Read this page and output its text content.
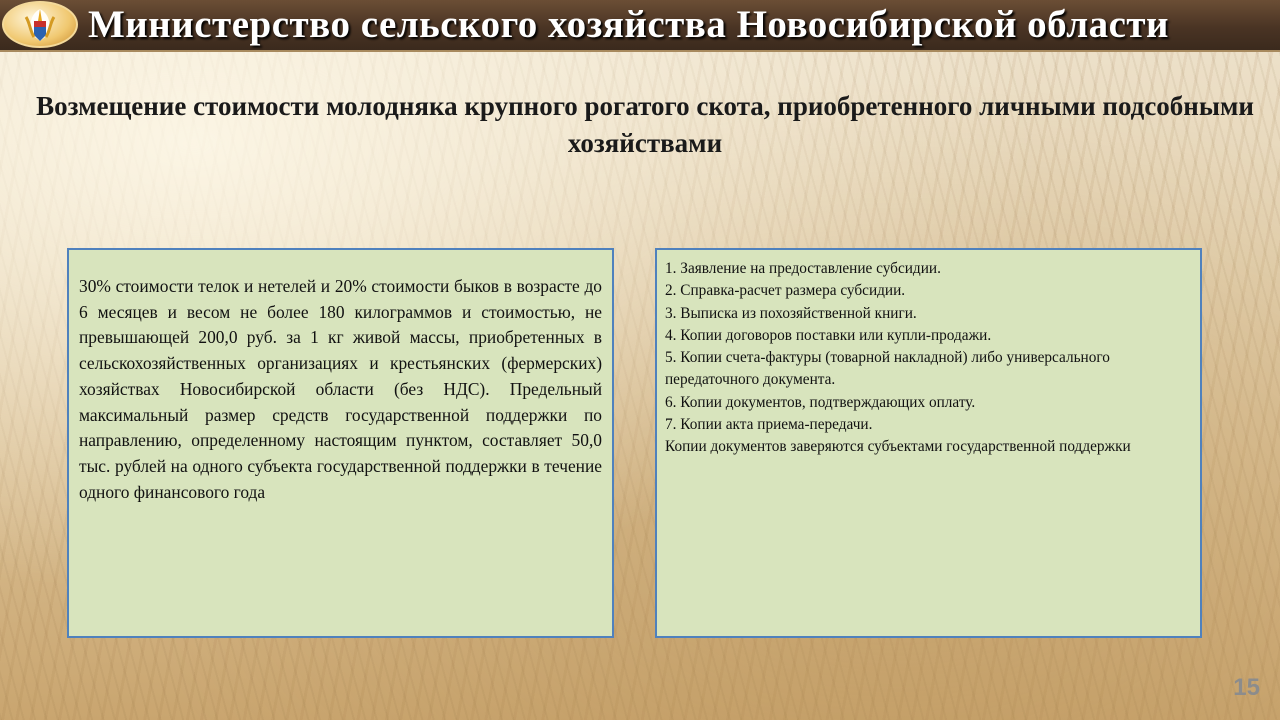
Министерство сельского хозяйства Новосибирской области
Возмещение стоимости молодняка крупного рогатого скота, приобретенного личными подсобными хозяйствами

30% стоимости телок и нетелей и 20% стоимости быков в возрасте до 6 месяцев и весом не более 180 килограммов и стоимостью, не превышающей 200,0 руб. за 1 кг живой массы, приобретенных в сельскохозяйственных организациях и крестьянских (фермерских) хозяйствах Новосибирской области (без НДС). Предельный максимальный размер средств государственной поддержки по направлению, определенному настоящим пунктом, составляет 50,0 тыс. рублей на одного субъекта государственной поддержки в течение одного финансового года

1. Заявление на предоставление субсидии.
2. Справка-расчет размера субсидии.
3. Выписка из похозяйственной книги.
4. Копии договоров поставки или купли-продажи.
5. Копии счета-фактуры (товарной накладной) либо универсального передаточного документа.
6. Копии документов, подтверждающих оплату.
7. Копии акта приема-передачи.
Копии документов заверяются субъектами государственной поддержки
15
